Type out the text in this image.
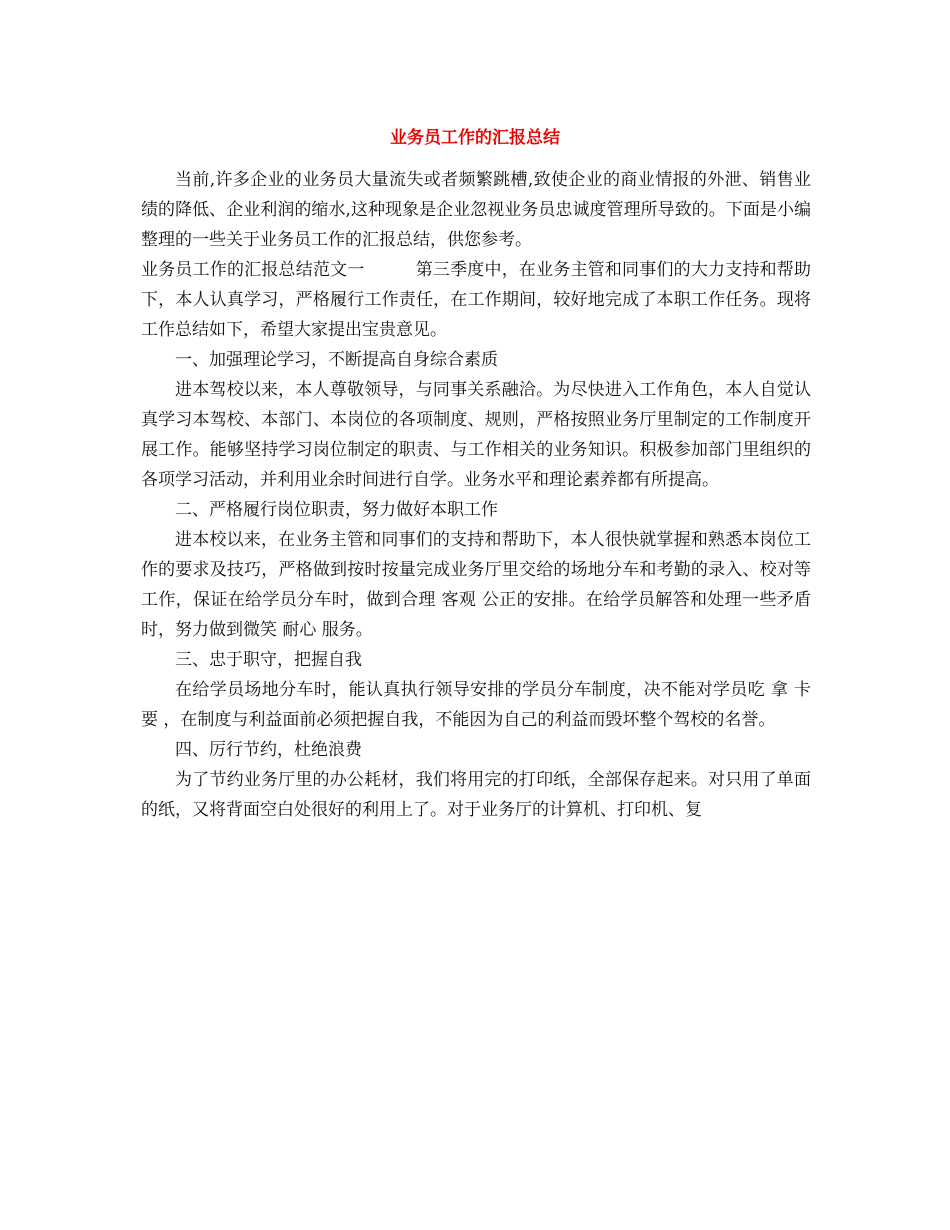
业务员工作的汇报总结

当前,许多企业的业务员大量流失或者频繁跳槽,致使企业的商业情报的外泄、销售业绩的降低、企业利润的缩水,这种现象是企业忽视业务员忠诚度管理所导致的。下面是小编整理的一些关于业务员工作的汇报总结，供您参考。

业务员工作的汇报总结范文一	第三季度中，在业务主管和同事们的大力支持和帮助下，本人认真学习，严格履行工作责任，在工作期间，较好地完成了本职工作任务。现将工作总结如下，希望大家提出宝贵意见。

一、加强理论学习，不断提高自身综合素质

进本驾校以来，本人尊敬领导，与同事关系融洽。为尽快进入工作角色，本人自觉认真学习本驾校、本部门、本岗位的各项制度、规则，严格按照业务厅里制定的工作制度开展工作。能够坚持学习岗位制定的职责、与工作相关的业务知识。积极参加部门里组织的各项学习活动，并利用业余时间进行自学。业务水平和理论素养都有所提高。

二、严格履行岗位职责，努力做好本职工作

进本校以来，在业务主管和同事们的支持和帮助下，本人很快就掌握和熟悉本岗位工作的要求及技巧，严格做到按时按量完成业务厅里交给的场地分车和考勤的录入、校对等工作，保证在给学员分车时，做到合理 客观 公正的安排。在给学员解答和处理一些矛盾时，努力做到微笑 耐心 服务。

三、忠于职守，把握自我

在给学员场地分车时，能认真执行领导安排的学员分车制度，决不能对学员吃 拿 卡 要 ，在制度与利益面前必须把握自我，不能因为自己的利益而毁坏整个驾校的名誉。

四、厉行节约，杜绝浪费

为了节约业务厅里的办公耗材，我们将用完的打印纸，全部保存起来。对只用了单面的纸，又将背面空白处很好的利用上了。对于业务厅的计算机、打印机、复
